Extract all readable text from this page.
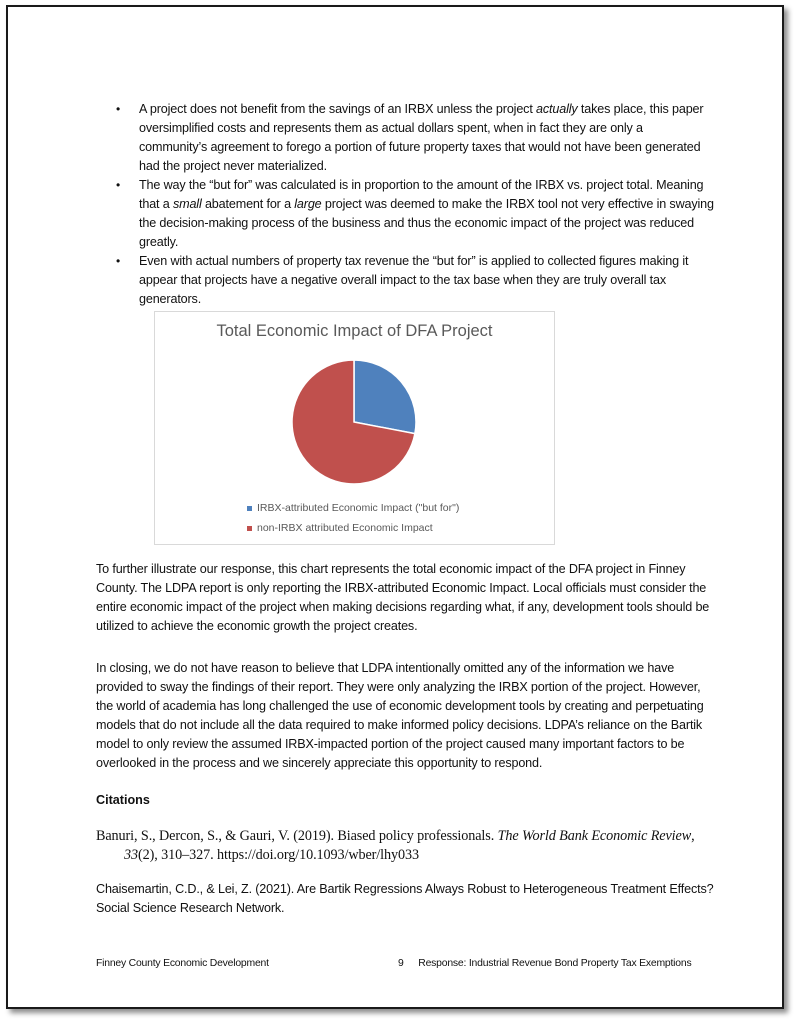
• A project does not benefit from the savings of an IRBX unless the project actually takes place, this paper oversimplified costs and represents them as actual dollars spent, when in fact they are only a community’s agreement to forego a portion of future property taxes that would not have been generated had the project never materialized.
• The way the “but for” was calculated is in proportion to the amount of the IRBX vs. project total. Meaning that a small abatement for a large project was deemed to make the IRBX tool not very effective in swaying the decision-making process of the business and thus the economic impact of the project was reduced greatly.
• Even with actual numbers of property tax revenue the “but for” is applied to collected figures making it appear that projects have a negative overall impact to the tax base when they are truly overall tax generators.
Total Economic Impact of DFA Project
IRBX-attributed Economic Impact ("but for")
non-IRBX attributed Economic Impact

To further illustrate our response, this chart represents the total economic impact of the DFA project in Finney County. The LDPA report is only reporting the IRBX-attributed Economic Impact. Local officials must consider the entire economic impact of the project when making decisions regarding what, if any, development tools should be utilized to achieve the economic growth the project creates.

In closing, we do not have reason to believe that LDPA intentionally omitted any of the information we have provided to sway the findings of their report. They were only analyzing the IRBX portion of the project. However, the world of academia has long challenged the use of economic development tools by creating and perpetuating models that do not include all the data required to make informed policy decisions. LDPA’s reliance on the Bartik model to only review the assumed IRBX-impacted portion of the project caused many important factors to be overlooked in the process and we sincerely appreciate this opportunity to respond.

Citations
Banuri, S., Dercon, S., & Gauri, V. (2019). Biased policy professionals. The World Bank Economic Review, 33(2), 310–327. https://doi.org/10.1093/wber/lhy033
Chaisemartin, C.D., & Lei, Z. (2021). Are Bartik Regressions Always Robust to Heterogeneous Treatment Effects? Social Science Research Network.
Finney County Economic Development	9 Response: Industrial Revenue Bond Property Tax Exemptions
